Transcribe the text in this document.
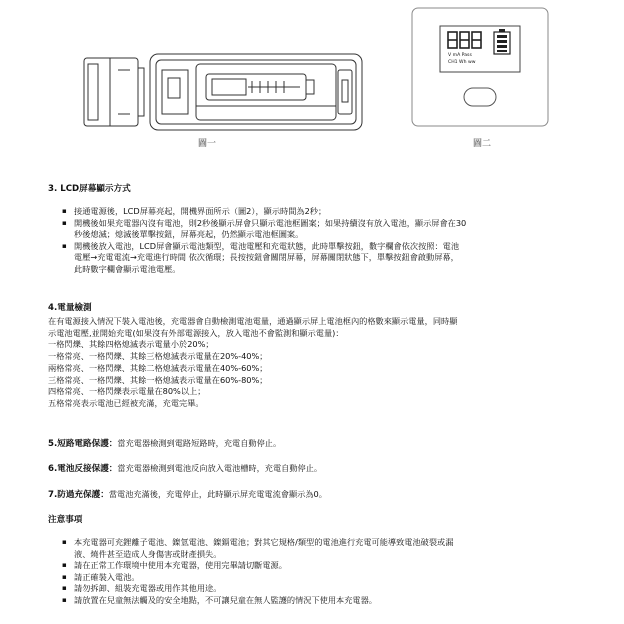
圖一
V mA Pass
CH1 Wh ww
圖二
3. LCD屏幕顯示方式
▪ 接通電源後，LCD屏幕亮起，開機界面所示（圖2），顯示時間為2秒；
▪ 開機後如果充電器內沒有電池，則2秒後顯示屏會只顯示電池框圖案；如果持續沒有放入電池，顯示屏會在30
秒後熄滅；熄滅後單擊按鈕，屏幕亮起，仍然顯示電池框圖案。
▪ 開機後放入電池，LCD屏會顯示電池類型，電池電壓和充電狀態，此時單擊按鈕，數字欄會依次按照：電池
電壓→充電電流→充電進行時間 依次循環；長按按鈕會關閉屏幕，屏幕關閉狀態下，單擊按鈕會啟動屏幕，
此時數字欄會顯示電池電壓。
4.電量檢測
在有電源接入情況下裝入電池後，充電器會自動檢測電池電量，通過顯示屏上電池框內的格數來顯示電量，同時顯
示電池電壓,並開始充電(如果沒有外部電源接入，放入電池不會監測和顯示電量)：
一格閃爍、其餘四格熄滅表示電量小於20%；
一格常亮、一格閃爍、其餘三格熄滅表示電量在20%-40%；
兩格常亮、一格閃爍、其餘二格熄滅表示電量在40%-60%；
三格常亮、一格閃爍、其餘一格熄滅表示電量在60%-80%；
四格常亮、一格閃爍表示電量在80%以上；
五格常亮表示電池已經被充滿，充電完畢。
5.短路電路保護：當充電器檢測到電路短路時，充電自動停止。
6.電池反接保護：當充電器檢測到電池反向放入電池槽時，充電自動停止。
7.防過充保護：當電池充滿後，充電停止，此時顯示屏充電電流會顯示為0。
注意事項
▪ 本充電器可充鋰離子電池、鎳氫電池、鎳鎘電池；對其它規格/類型的電池進行充電可能導致電池破裂或漏
液、燒件甚至造成人身傷害或財產損失。
▪ 請在正常工作環境中使用本充電器，使用完畢請切斷電源。
▪ 請正確裝入電池。
▪ 請勿拆卸、組裝充電器或用作其他用途。
▪ 請放置在兒童無法觸及的安全地點，不可讓兒童在無人監護的情況下使用本充電器。
